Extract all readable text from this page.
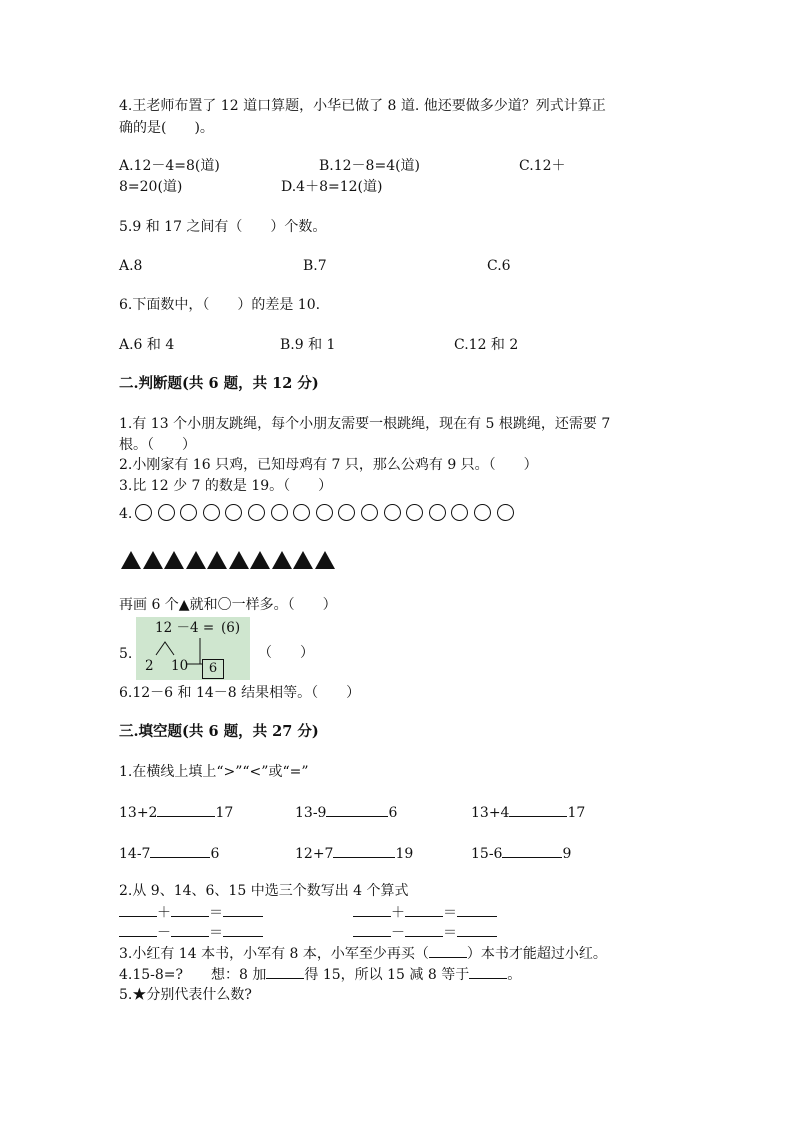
4.王老师布置了 12 道口算题，小华已做了 8 道. 他还要做多少道？列式计算正
确的是(　　)。
A.12－4=8(道)	B.12－8=4(道)	C.12＋
8=20(道)	D.4＋8=12(道)
5.9 和 17 之间有（　　）个数。
A.8	B.7	C.6
6.下面数中，（　　）的差是 10.
A.6 和 4	B.9 和 1	C.12 和 2
二.判断题(共 6 题，共 12 分)
1.有 13 个小朋友跳绳，每个小朋友需要一根跳绳，现在有 5 根跳绳，还需要 7
根。（　　）
2.小刚家有 16 只鸡，已知母鸡有 7 只，那么公鸡有 9 只。（　　）
3.比 12 少 7 的数是 19。（　　）
4.
再画 6 个▲就和〇一样多。（　　）
5.
12 －4 = (6)
2 10	6
（　　）
6.12－6 和 14－8 结果相等。（　　）
三.填空题(共 6 题，共 27 分)
1.在横线上填上“>”“<”或“=”
13+2	17	13-9	6	13+4	17
14-7	6	12+7	19	15-6	9
2.从 9、14、6、15 中选三个数写出 4 个算式
＋	＝	＋	＝
－	＝	－	＝
3.小红有 14 本书，小军有 8 本，小军至少再买（	）本书才能超过小红。
4.15-8=?　　想：8 加	得 15，所以 15 减 8 等于	。
5.★分别代表什么数?
